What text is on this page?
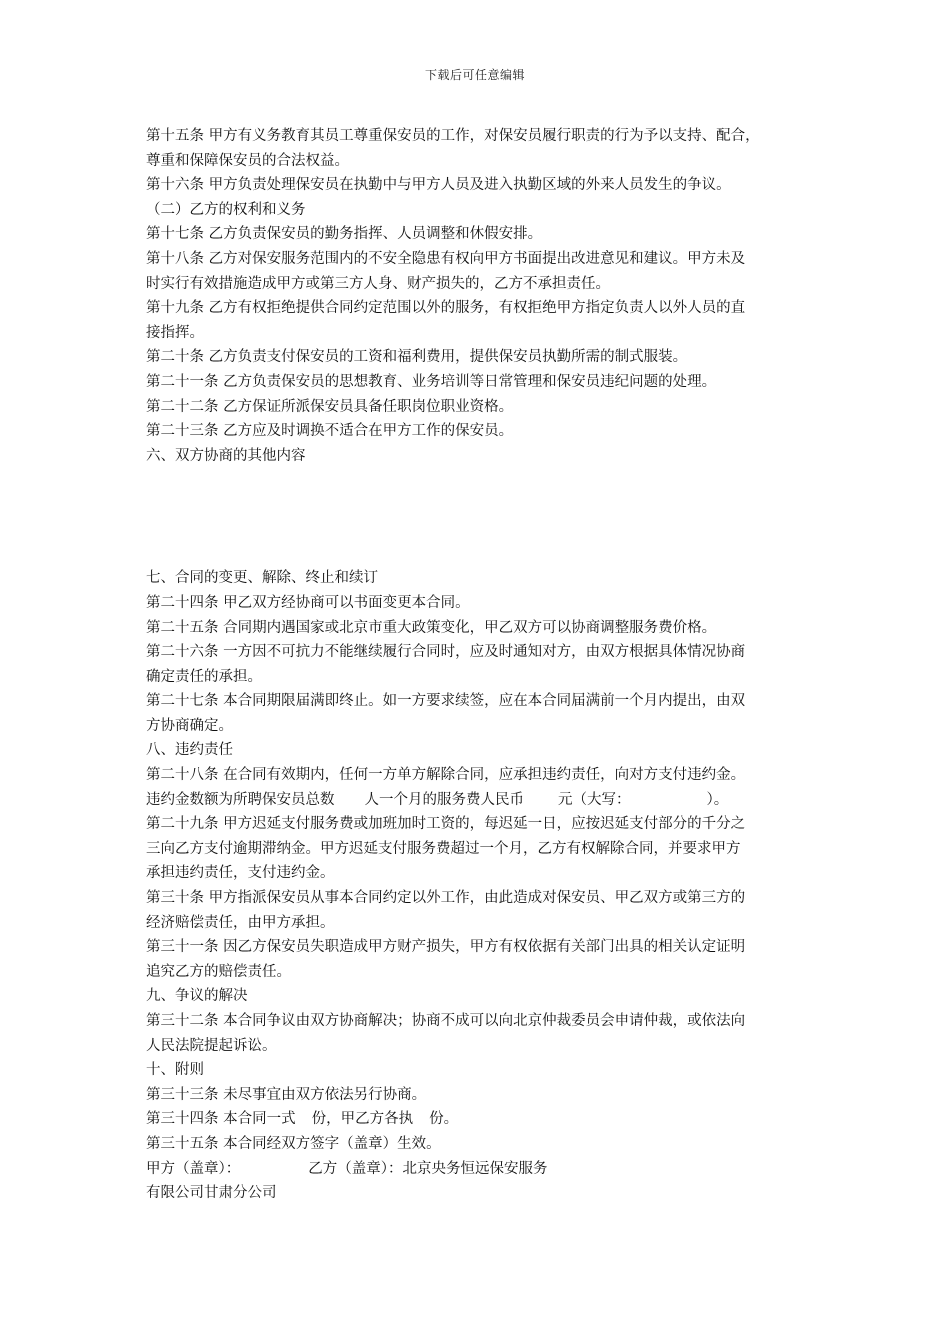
下载后可任意编辑
第十五条 甲方有义务教育其员工尊重保安员的工作，对保安员履行职责的行为予以支持、配合，
尊重和保障保安员的合法权益。
第十六条 甲方负责处理保安员在执勤中与甲方人员及进入执勤区域的外来人员发生的争议。
（二）乙方的权利和义务
第十七条 乙方负责保安员的勤务指挥、人员调整和休假安排。
第十八条 乙方对保安服务范围内的不安全隐患有权向甲方书面提出改进意见和建议。甲方未及
时实行有效措施造成甲方或第三方人身、财产损失的，乙方不承担责任。
第十九条 乙方有权拒绝提供合同约定范围以外的服务，有权拒绝甲方指定负责人以外人员的直
接指挥。
第二十条 乙方负责支付保安员的工资和福利费用，提供保安员执勤所需的制式服装。
第二十一条 乙方负责保安员的思想教育、业务培训等日常管理和保安员违纪问题的处理。
第二十二条 乙方保证所派保安员具备任职岗位职业资格。
第二十三条 乙方应及时调换不适合在甲方工作的保安员。
六、双方协商的其他内容
七、合同的变更、解除、终止和续订
第二十四条 甲乙双方经协商可以书面变更本合同。
第二十五条 合同期内遇国家或北京市重大政策变化，甲乙双方可以协商调整服务费价格。
第二十六条 一方因不可抗力不能继续履行合同时，应及时通知对方，由双方根据具体情况协商
确定责任的承担。
第二十七条 本合同期限届满即终止。如一方要求续签，应在本合同届满前一个月内提出，由双
方协商确定。
八、违约责任
第二十八条 在合同有效期内，任何一方单方解除合同，应承担违约责任，向对方支付违约金。
违约金数额为所聘保安员总数 人一个月的服务费人民币 元（大写：	）。
第二十九条 甲方迟延支付服务费或加班加时工资的，每迟延一日，应按迟延支付部分的千分之
三向乙方支付逾期滞纳金。甲方迟延支付服务费超过一个月，乙方有权解除合同，并要求甲方
承担违约责任，支付违约金。
第三十条 甲方指派保安员从事本合同约定以外工作，由此造成对保安员、甲乙双方或第三方的
经济赔偿责任，由甲方承担。
第三十一条 因乙方保安员失职造成甲方财产损失，甲方有权依据有关部门出具的相关认定证明
追究乙方的赔偿责任。
九、争议的解决
第三十二条 本合同争议由双方协商解决；协商不成可以向北京仲裁委员会申请仲裁，或依法向
人民法院提起诉讼。
十、附则
第三十三条 未尽事宜由双方依法另行协商。
第三十四条 本合同一式 份，甲乙方各执 份。
第三十五条 本合同经双方签字（盖章）生效。
甲方（盖章）：	乙方（盖章）：北京央务恒远保安服务
有限公司甘肃分公司
